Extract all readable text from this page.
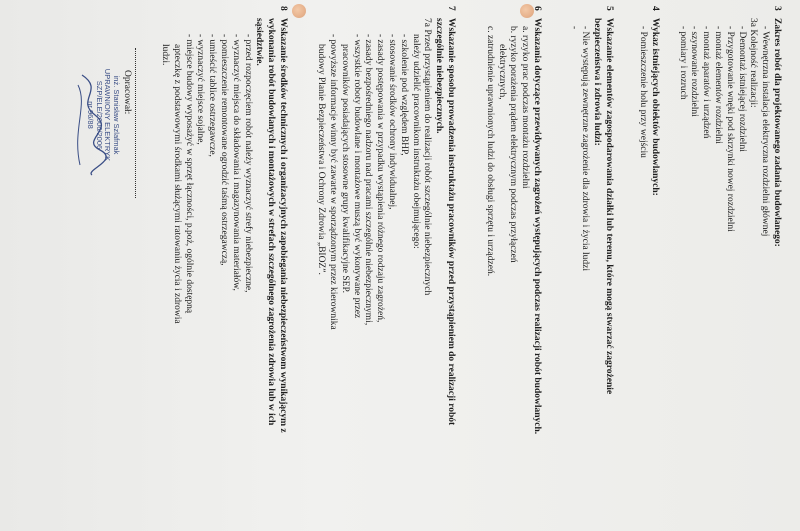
3
Zakres robót dla projektowanego zadania budowlanego:
- Wewnętrzna instalacja elektryczna rozdzielni głównej
3a Kolejność realizacji:
- Demontaż istniejącej rozdzielni
- Przygotowanie wnęki pod skrzynki nowej rozdzielni
- montaż elementów rozdzielni
- montaż aparatów i urządzeń
- szynowanie rozdzielni
- pomiary i rozruch
4
Wykaz istniejących obiektów budowlanych:
- Pomieszczenie holu przy wejściu
5
Wskazanie elementów zagospodarowania działki lub terenu, które mogą stwarzać zagrożenie bezpieczeństwa i zdrowia ludzi:
- Nie występują zewnętrzne zagrożenie dla zdrowia i życia ludzi
-
6
Wskazania dotyczące przewidywanych zagrożeń występujących podczas realizacji robót budowlanych.
a. ryzyko prac podczas montażu rozdzielni
b. ryzyko porażenia prądem elektrycznym podczas przyłączeń
elektrycznych,
c. zatrudnienie uprawnionych ludzi do obsługi sprzętu i urządzeń.
7
Wskazanie sposobu prowadzenia instruktażu pracowników przed przystąpieniem do realizacji robót szczególnie niebezpiecznych.
7a Przed przystąpieniem do realizacji robót szczególnie niebezpiecznych
należy udzielić pracownikom instruktażu obejmującego:
- szkolenie pod względem BHP,
- stosowanie środków ochrony indywidualnej,
- zasady postępowania w przypadku wystąpienia różnego rodzaju zagrożeń,
- zasady bezpośredniego nadzoru nad pracami szczególnie niebezpiecznymi,
- wszystkie roboty budowlane i montażowe muszą być wykonywane przez
pracowników posiadających stosowne grupy kwalifikacyjne SEP.
- powyższe informacje winny być zawarte w sporządzonym przez kierownika
budowy Planie Bezpieczeństwa i Ochrony Zdrowia „BIOZ”.
8
Wskazanie środków technicznych i organizacyjnych zapobiegania niebezpieczeństwom wynikającym z wykonania robót budowlanych i montażowych w strefach szczególnego zagrożenia zdrowia lub w ich sąsiedztwie.
- przed rozpoczęciem robót należy wyznaczyć strefy niebezpieczne,
- wyznaczyć miejsca do składowania i magazynowania materiałów,
- pomieszczenie remontowane ogrodzić taśmą ostrzegawczą,
- umieścić tablice ostrzegawcze,
- wyznaczyć miejsce sojalne,
- miejsce budowy wyposażyć w sprzęt łączności, p.poż, ogólnie dostępną
apteczkę z podstawowymi środkami służącymi ratowaniu życia i zdrowia
ludzi.
Opracował:
inż. Stanisław Szlafmak
UPRAWNIONY ELEKTRYK
SZP/ELE/2006/2006
nr 96/88
